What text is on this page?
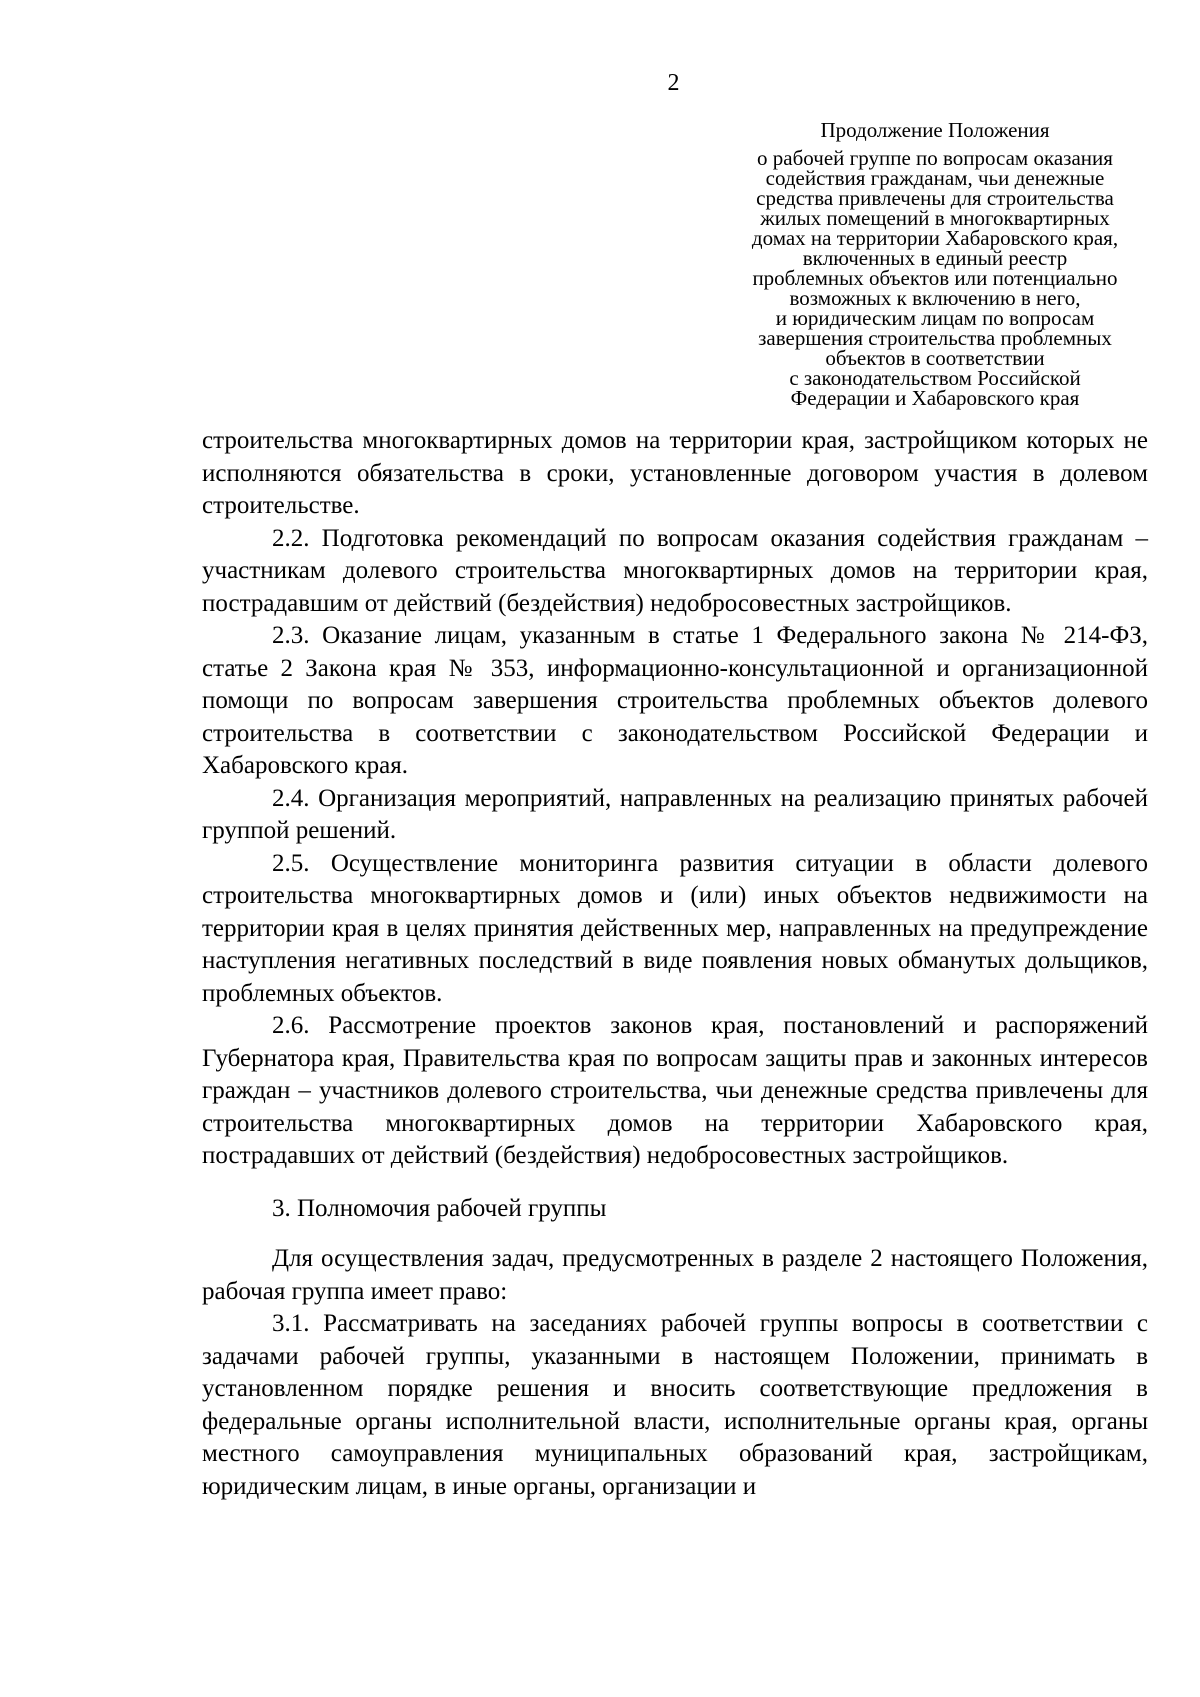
2
Продолжение Положения
о рабочей группе по вопросам оказания
содействия гражданам, чьи денежные
средства привлечены для строительства
жилых помещений в многоквартирных
домах на территории Хабаровского края,
включенных в единый реестр
проблемных объектов или потенциально
возможных к включению в него,
и юридическим лицам по вопросам
завершения строительства проблемных
объектов в соответствии
с законодательством Российской
Федерации и Хабаровского края

строительства многоквартирных домов на территории края, застройщиком которых не исполняются обязательства в сроки, установленные договором участия в долевом строительстве.

2.2. Подготовка рекомендаций по вопросам оказания содействия гражданам – участникам долевого строительства многоквартирных домов на территории края, пострадавшим от действий (бездействия) недобросовестных застройщиков.

2.3. Оказание лицам, указанным в статье 1 Федерального закона № 214-ФЗ, статье 2 Закона края № 353, информационно-консультационной и организационной помощи по вопросам завершения строительства проблемных объектов долевого строительства в соответствии с законодательством Российской Федерации и Хабаровского края.

2.4. Организация мероприятий, направленных на реализацию принятых рабочей группой решений.

2.5. Осуществление мониторинга развития ситуации в области долевого строительства многоквартирных домов и (или) иных объектов недвижимости на территории края в целях принятия действенных мер, направленных на предупреждение наступления негативных последствий в виде появления новых обманутых дольщиков, проблемных объектов.

2.6. Рассмотрение проектов законов края, постановлений и распоряжений Губернатора края, Правительства края по вопросам защиты прав и законных интересов граждан – участников долевого строительства, чьи денежные средства привлечены для строительства многоквартирных домов на территории Хабаровского края, пострадавших от действий (бездействия) недобросовестных застройщиков.

3. Полномочия рабочей группы

Для осуществления задач, предусмотренных в разделе 2 настоящего Положения, рабочая группа имеет право:

3.1. Рассматривать на заседаниях рабочей группы вопросы в соответствии с задачами рабочей группы, указанными в настоящем Положении, принимать в установленном порядке решения и вносить соответствующие предложения в федеральные органы исполнительной власти, исполнительные органы края, органы местного самоуправления муниципальных образований края, застройщикам, юридическим лицам, в иные органы, организации и
